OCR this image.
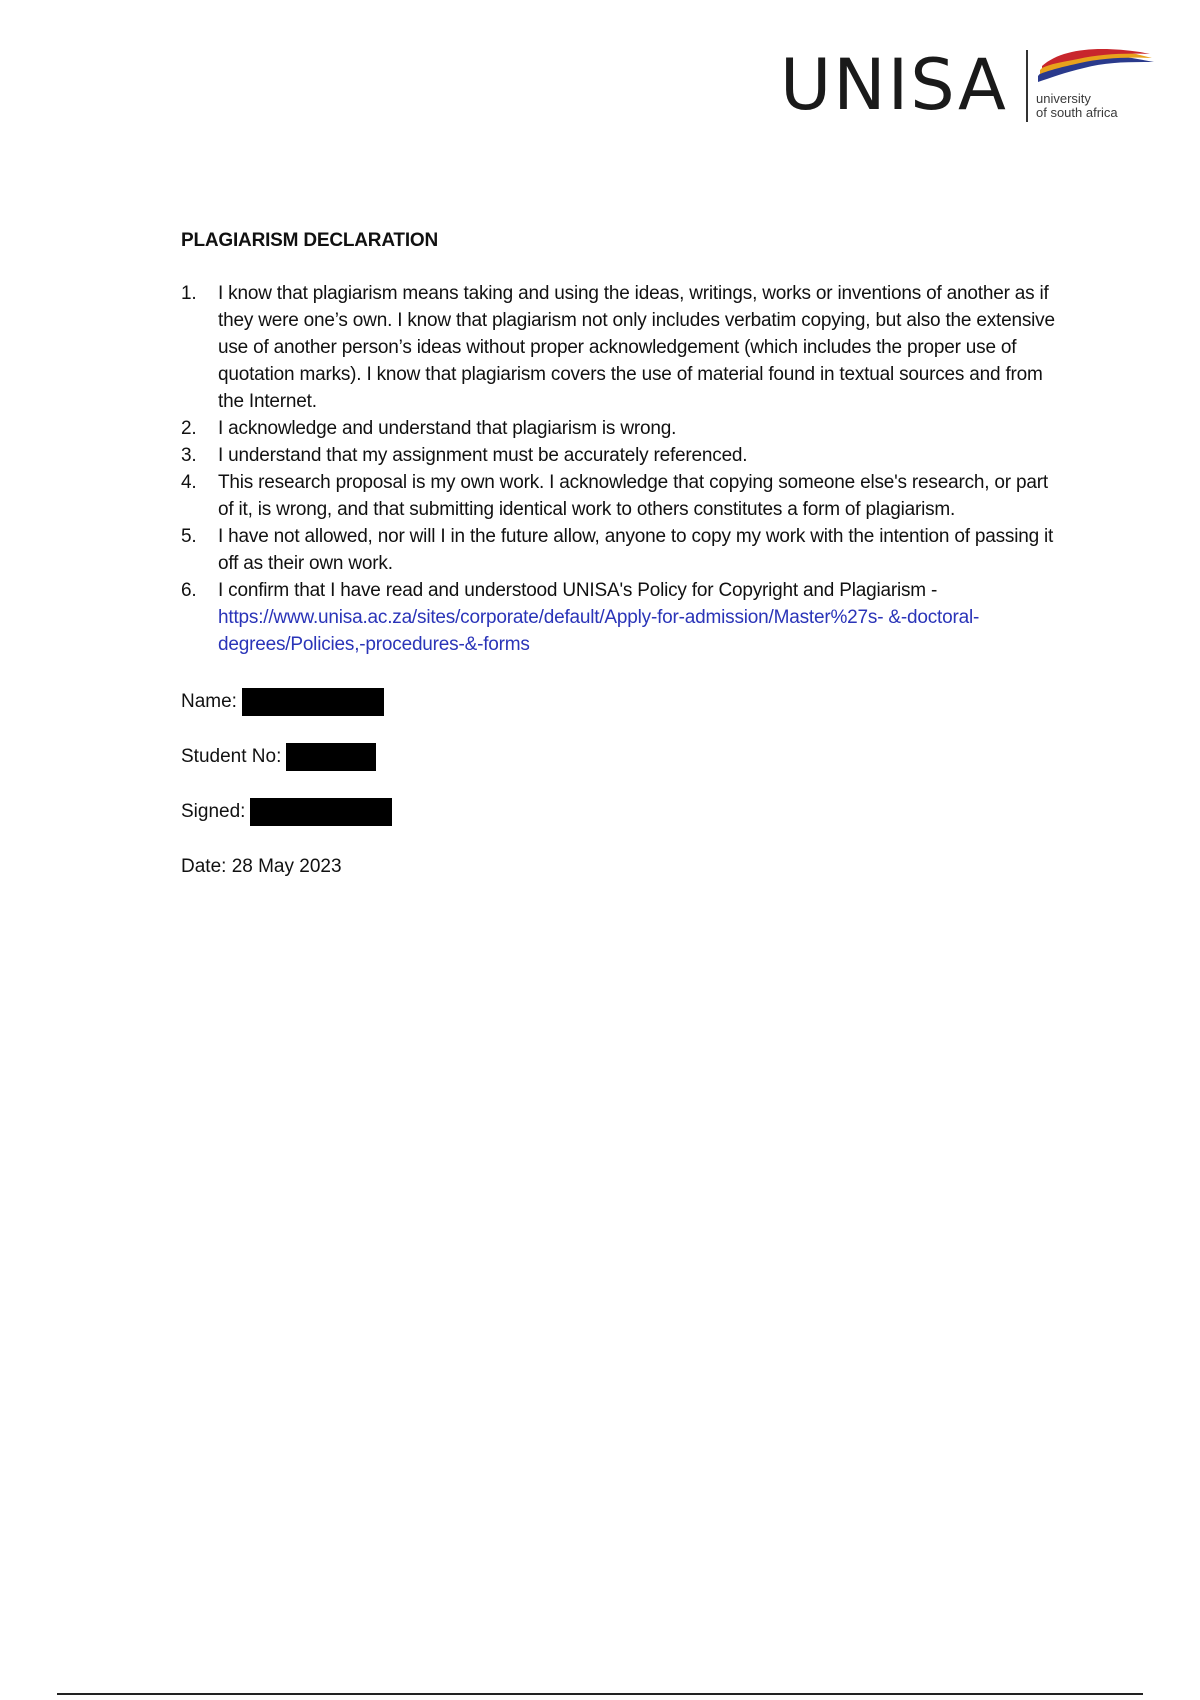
UNISA university
of south africa
PLAGIARISM DECLARATION
1.	I know that plagiarism means taking and using the ideas, writings, works or inventions of another as if they were one’s own. I know that plagiarism not only includes verbatim copying, but also the extensive use of another person’s ideas without proper acknowledgement (which includes the proper use of quotation marks). I know that plagiarism covers the use of material found in textual sources and from the Internet.
2.	I acknowledge and understand that plagiarism is wrong.
3.	I understand that my assignment must be accurately referenced.
4.	This research proposal is my own work. I acknowledge that copying someone else's research, or part of it, is wrong, and that submitting identical work to others constitutes a form of plagiarism.
5.	I have not allowed, nor will I in the future allow, anyone to copy my work with the intention of passing it off as their own work.
6.	I confirm that I have read and understood UNISA's Policy for Copyright and Plagiarism -
https://www.unisa.ac.za/sites/corporate/default/Apply-for-admission/Master%27s- &-doctoral-degrees/Policies,-procedures-&-forms
Name:
Student No:
Signed:
Date: 28 May 2023
